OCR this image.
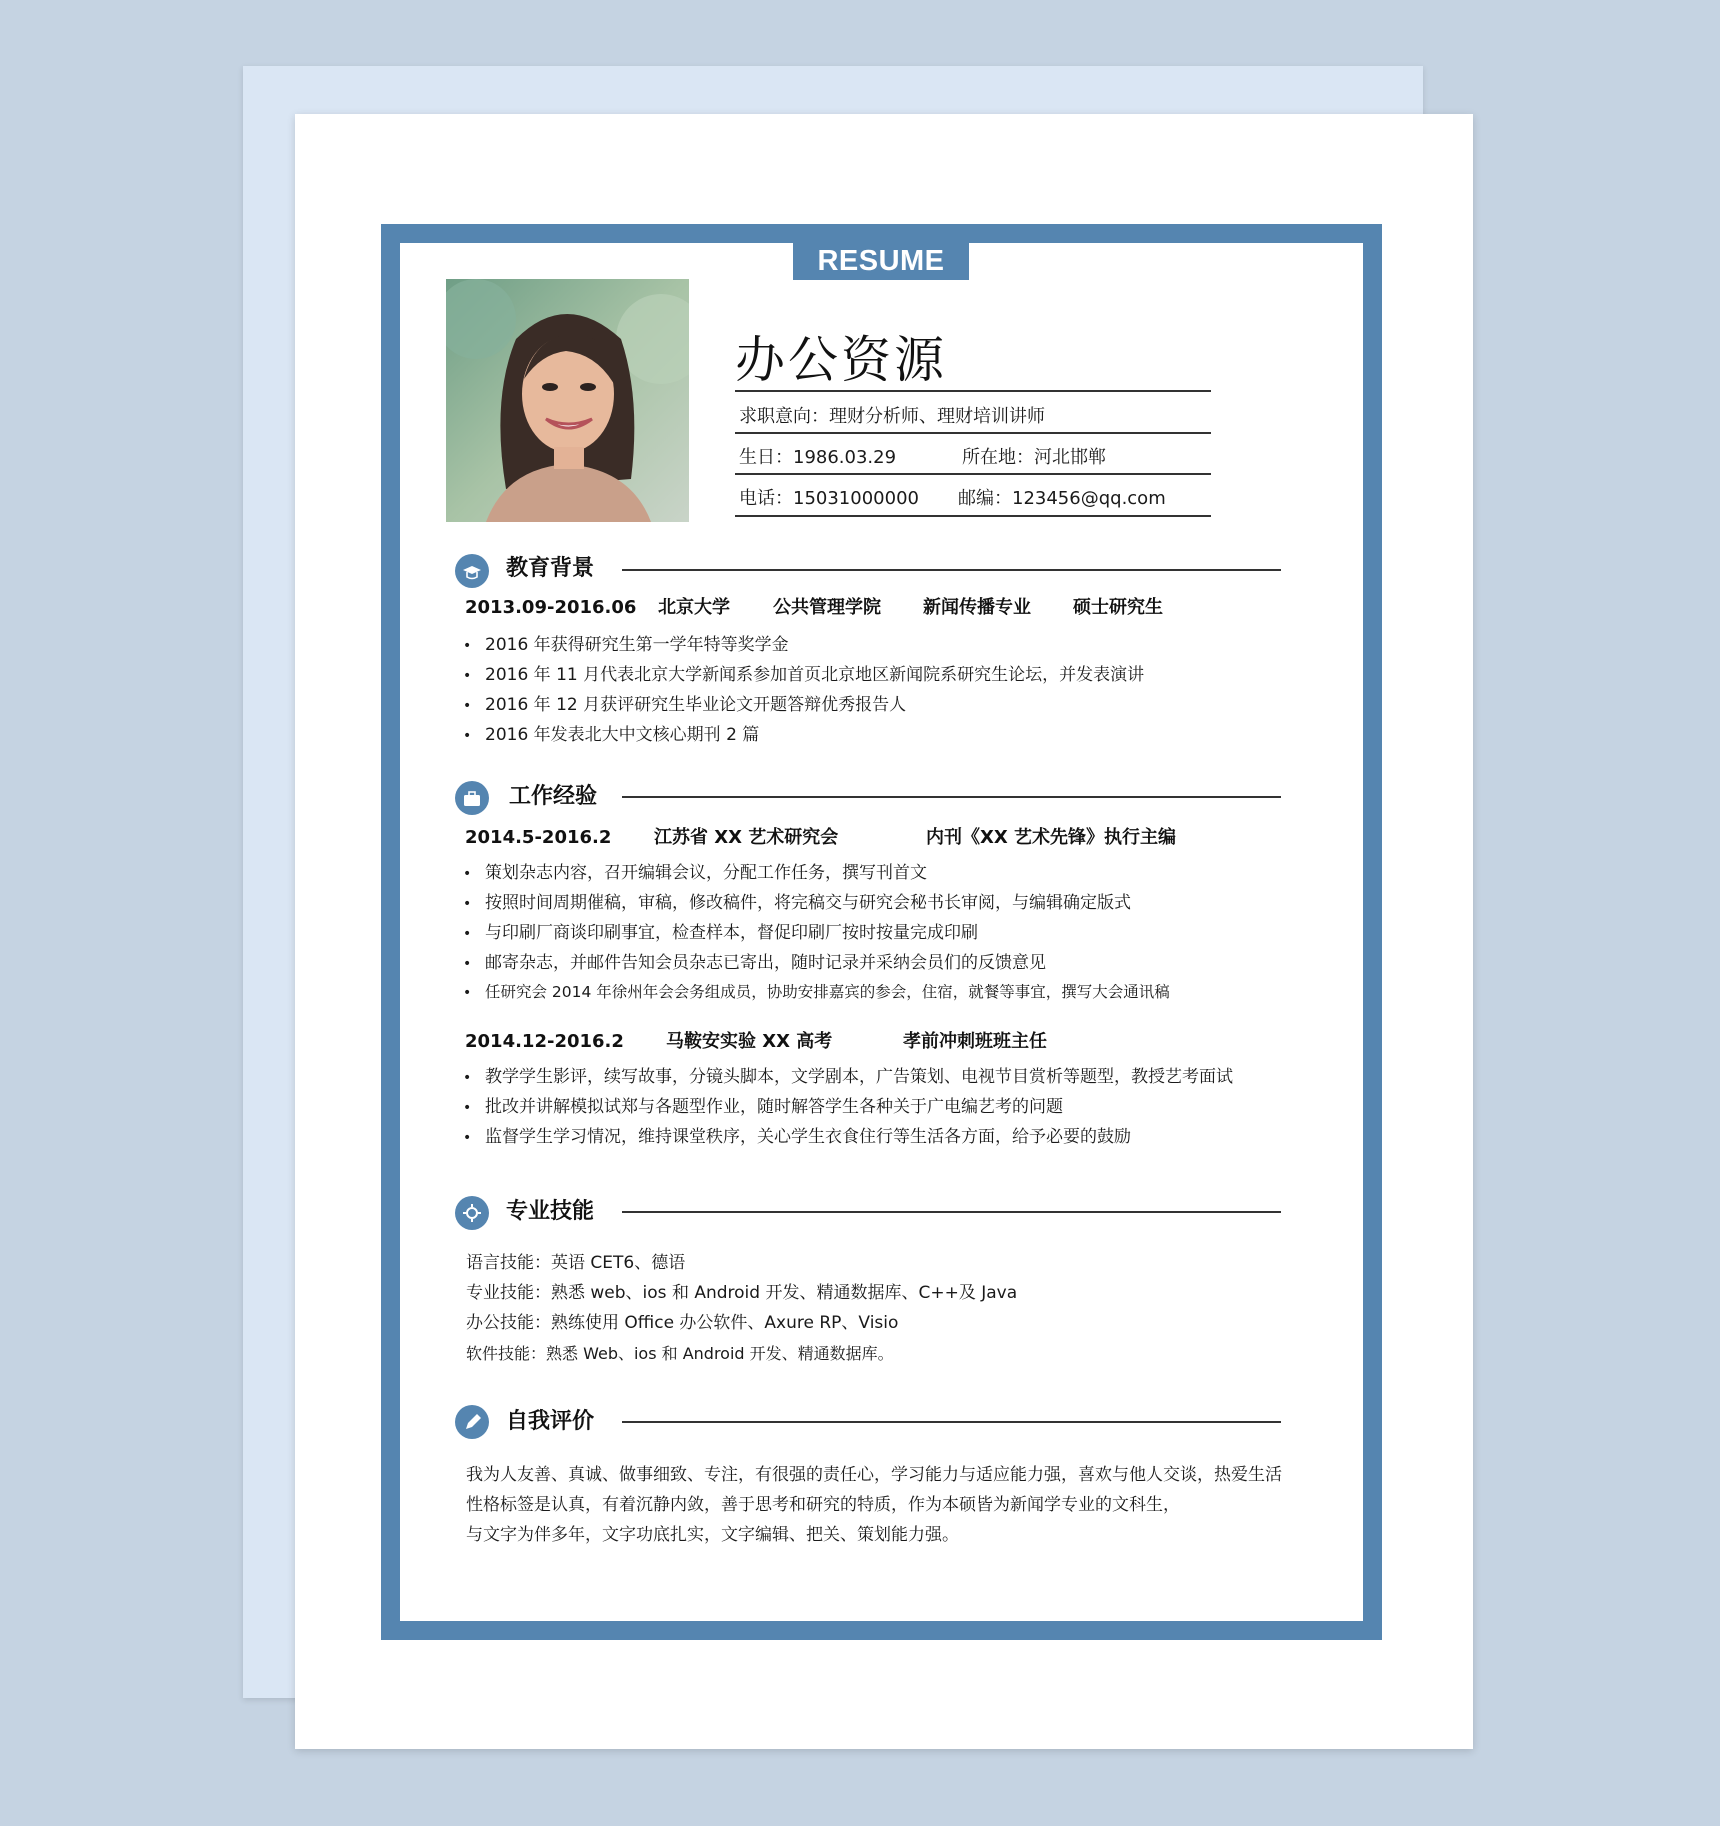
RESUME
办公资源
求职意向：理财分析师、理财培训讲师
生日：1986.03.29	所在地：河北邯郸
电话：15031000000 邮编：123456@qq.com
教育背景
2013.09-2016.06 北京大学 公共管理学院 新闻传播专业 硕士研究生
• 2016 年获得研究生第一学年特等奖学金
• 2016 年 11 月代表北京大学新闻系参加首页北京地区新闻院系研究生论坛，并发表演讲
• 2016 年 12 月获评研究生毕业论文开题答辩优秀报告人
• 2016 年发表北大中文核心期刊 2 篇
工作经验
2014.5-2016.2 江苏省 XX 艺术研究会	内刊《XX 艺术先锋》执行主编
• 策划杂志内容，召开编辑会议，分配工作任务，撰写刊首文
• 按照时间周期催稿，审稿，修改稿件，将完稿交与研究会秘书长审阅，与编辑确定版式
• 与印刷厂商谈印刷事宜，检查样本，督促印刷厂按时按量完成印刷
• 邮寄杂志，并邮件告知会员杂志已寄出，随时记录并采纳会员们的反馈意见
• 任研究会 2014 年徐州年会会务组成员，协助安排嘉宾的参会，住宿，就餐等事宜，撰写大会通讯稿
2014.12-2016.2 马鞍安实验 XX 高考	孝前冲刺班班主任
• 教学学生影评，续写故事，分镜头脚本，文学剧本，广告策划、电视节目赏析等题型，教授艺考面试
• 批改并讲解模拟试郑与各题型作业，随时解答学生各种关于广电编艺考的问题
• 监督学生学习情况，维持课堂秩序，关心学生衣食住行等生活各方面，给予必要的鼓励
专业技能
语言技能：英语 CET6、德语
专业技能：熟悉 web、ios 和 Android 开发、精通数据库、C++及 Java
办公技能：熟练使用 Office 办公软件、Axure RP、Visio
软件技能：熟悉 Web、ios 和 Android 开发、精通数据库。
自我评价
我为人友善、真诚、做事细致、专注，有很强的责任心，学习能力与适应能力强，喜欢与他人交谈，热爱生活
性格标签是认真，有着沉静内敛，善于思考和研究的特质，作为本硕皆为新闻学专业的文科生，
与文字为伴多年，文字功底扎实，文字编辑、把关、策划能力强。
